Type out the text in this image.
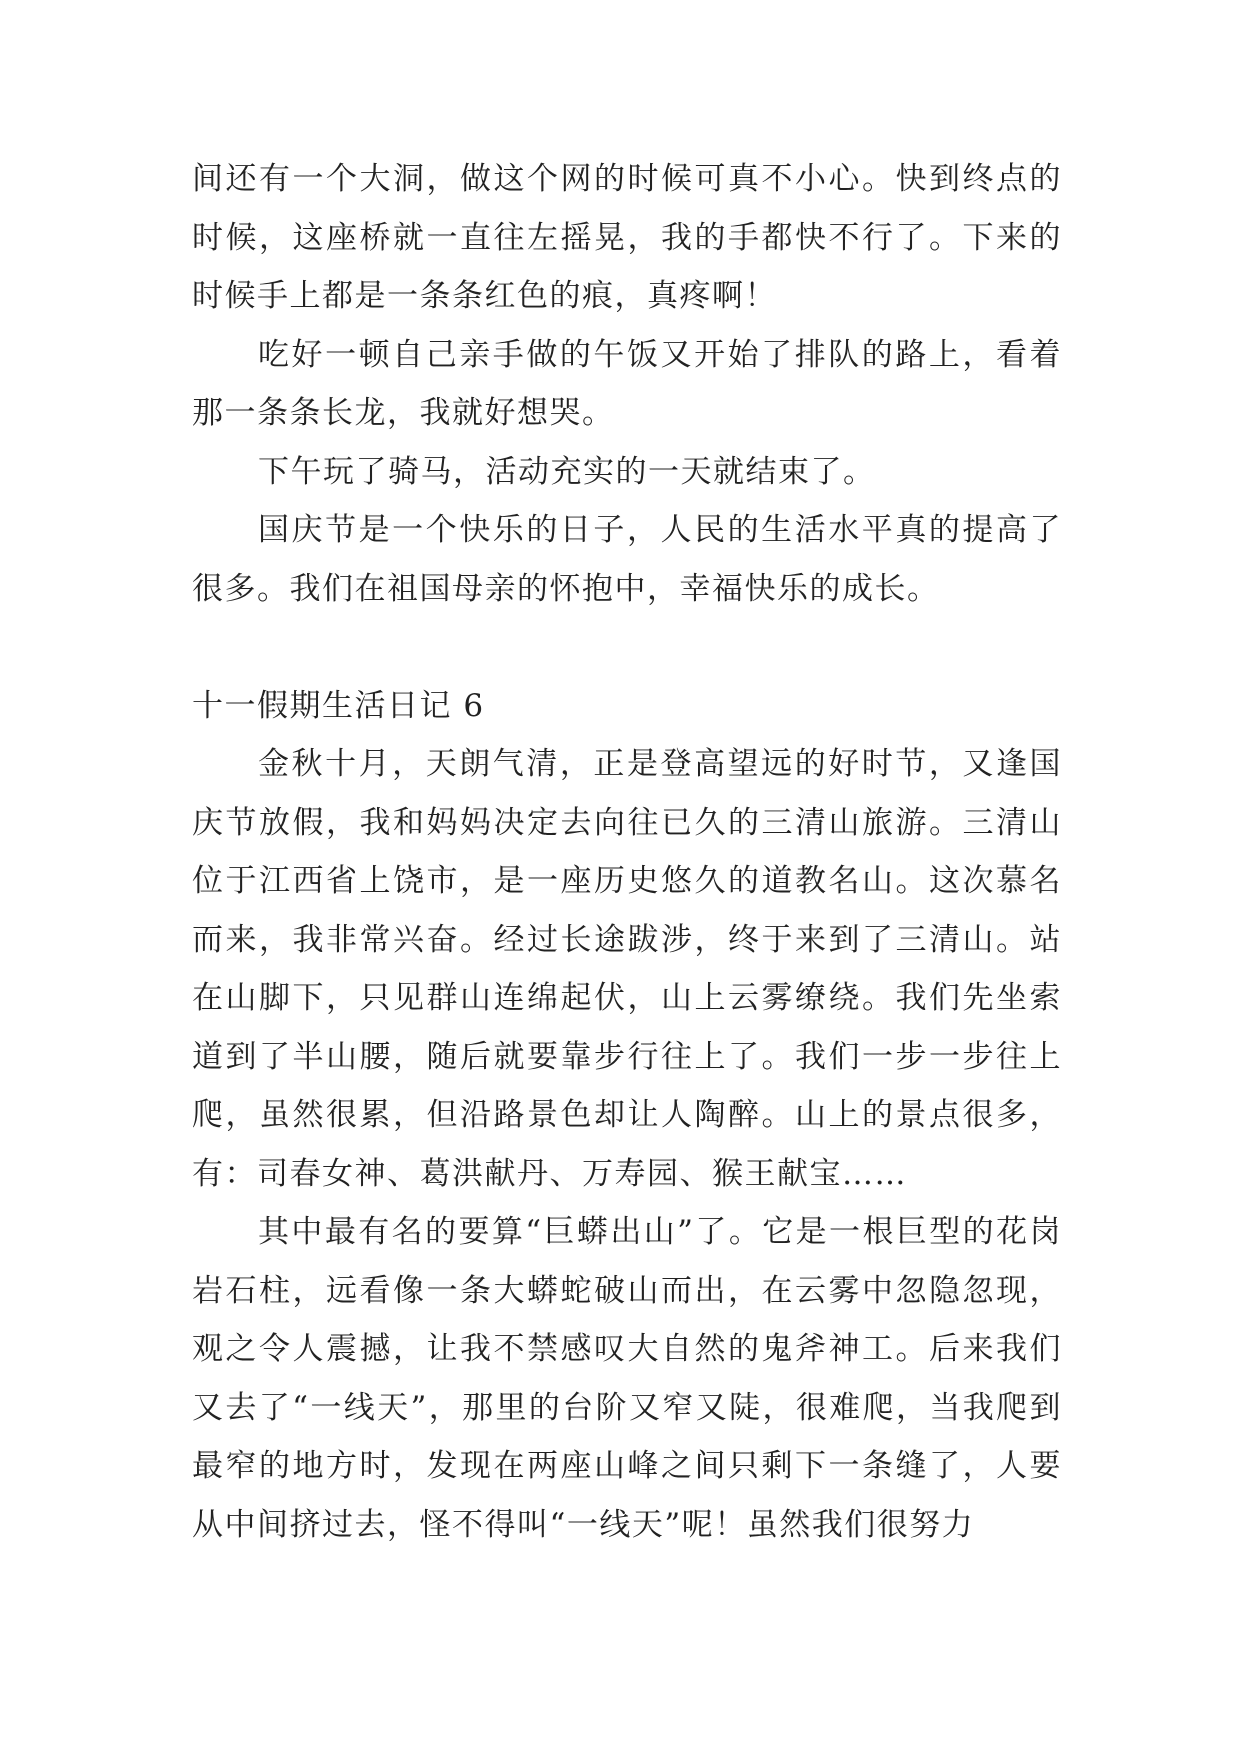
间还有一个大洞，做这个网的时候可真不小心。快到终点的时候，这座桥就一直往左摇晃，我的手都快不行了。下来的时候手上都是一条条红色的痕，真疼啊！

吃好一顿自己亲手做的午饭又开始了排队的路上，看着那一条条长龙，我就好想哭。

下午玩了骑马，活动充实的一天就结束了。

国庆节是一个快乐的日子，人民的生活水平真的提高了很多。我们在祖国母亲的怀抱中，幸福快乐的成长。

十一假期生活日记 6

金秋十月，天朗气清，正是登高望远的好时节，又逢国庆节放假，我和妈妈决定去向往已久的三清山旅游。三清山位于江西省上饶市，是一座历史悠久的道教名山。这次慕名而来，我非常兴奋。经过长途跋涉，终于来到了三清山。站在山脚下，只见群山连绵起伏，山上云雾缭绕。我们先坐索道到了半山腰，随后就要靠步行往上了。我们一步一步往上爬，虽然很累，但沿路景色却让人陶醉。山上的景点很多，有：司春女神、葛洪献丹、万寿园、猴王献宝……

其中最有名的要算“巨蟒出山”了。它是一根巨型的花岗岩石柱，远看像一条大蟒蛇破山而出，在云雾中忽隐忽现，观之令人震撼，让我不禁感叹大自然的鬼斧神工。后来我们又去了“一线天”，那里的台阶又窄又陡，很难爬，当我爬到最窄的地方时，发现在两座山峰之间只剩下一条缝了，人要从中间挤过去，怪不得叫“一线天”呢！虽然我们很努力
